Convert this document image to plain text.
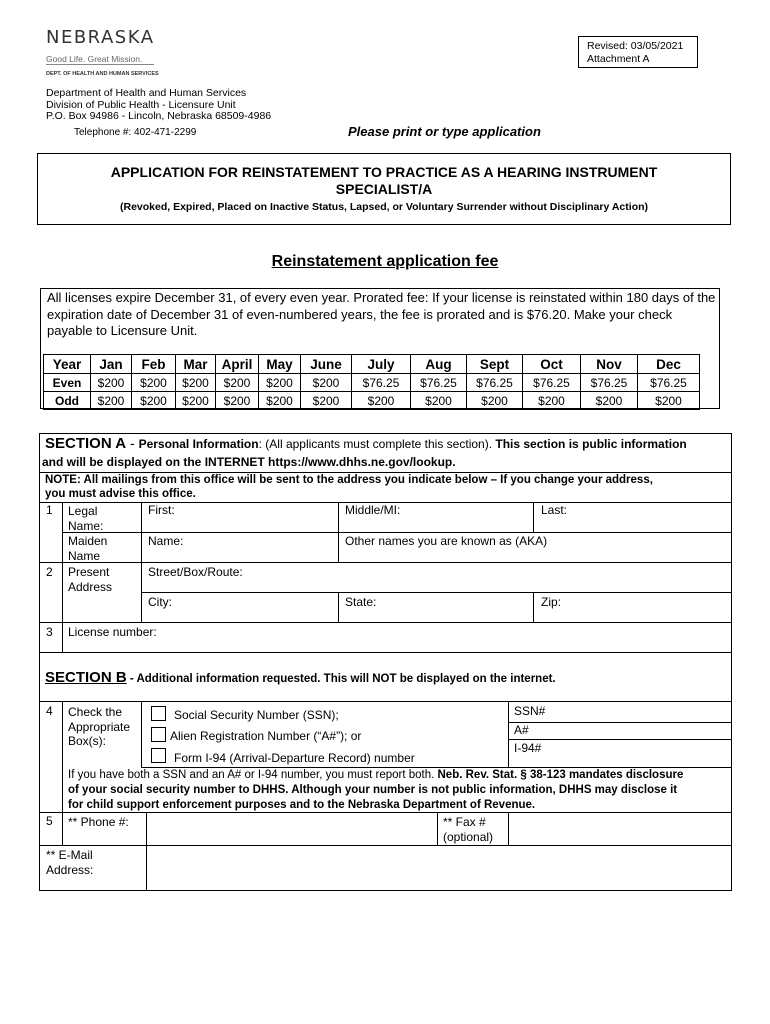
NEBRASKA
Good Life. Great Mission.
DEPT. OF HEALTH AND HUMAN SERVICES
Revised: 03/05/2021
Attachment A
Department of Health and Human Services
Division of Public Health - Licensure Unit
P.O. Box 94986 - Lincoln, Nebraska 68509-4986
Telephone #: 402-471-2299	Please print or type application
APPLICATION FOR REINSTATEMENT TO PRACTICE AS A HEARING INSTRUMENT SPECIALIST/A
(Revoked, Expired, Placed on Inactive Status, Lapsed, or Voluntary Surrender without Disciplinary Action)
Reinstatement application fee
All licenses expire December 31, of every even year. Prorated fee: If your license is reinstated within 180 days of the expiration date of December 31 of even-numbered years, the fee is prorated and is $76.20. Make your check payable to Licensure Unit.
Year	Jan	Feb	Mar	April	May	June	July	Aug	Sept	Oct	Nov	Dec
Even	$200	$200	$200	$200	$200	$200	$76.25	$76.25	$76.25	$76.25	$76.25	$76.25
Odd	$200	$200	$200	$200	$200	$200	$200	$200	$200	$200	$200	$200
SECTION A - Personal Information: (All applicants must complete this section). This section is public information
and will be displayed on the INTERNET https://www.dhhs.ne.gov/lookup.
NOTE: All mailings from this office will be sent to the address you indicate below – If you change your address,
you must advise this office.
1 Legal
Name:
First:	Middle/MI:	Last:
Maiden
Name
Name:	Other names you are known as (AKA)
2 Present
Address
Street/Box/Route:
City:	State:	Zip:
3 License number:
SECTION B - Additional information requested. This will NOT be displayed on the internet.
4 Check the
Appropriate
Box(s):
Social Security Number (SSN);
Alien Registration Number (“A#”); or
Form I-94 (Arrival-Departure Record) number
SSN#
A#
I-94#
If you have both a SSN and an A# or I-94 number, you must report both. Neb. Rev. Stat. § 38-123 mandates disclosure
of your social security number to DHHS. Although your number is not public information, DHHS may disclose it
for child support enforcement purposes and to the Nebraska Department of Revenue.
5 ** Phone #:	** Fax #
(optional)
** E-Mail
Address:
